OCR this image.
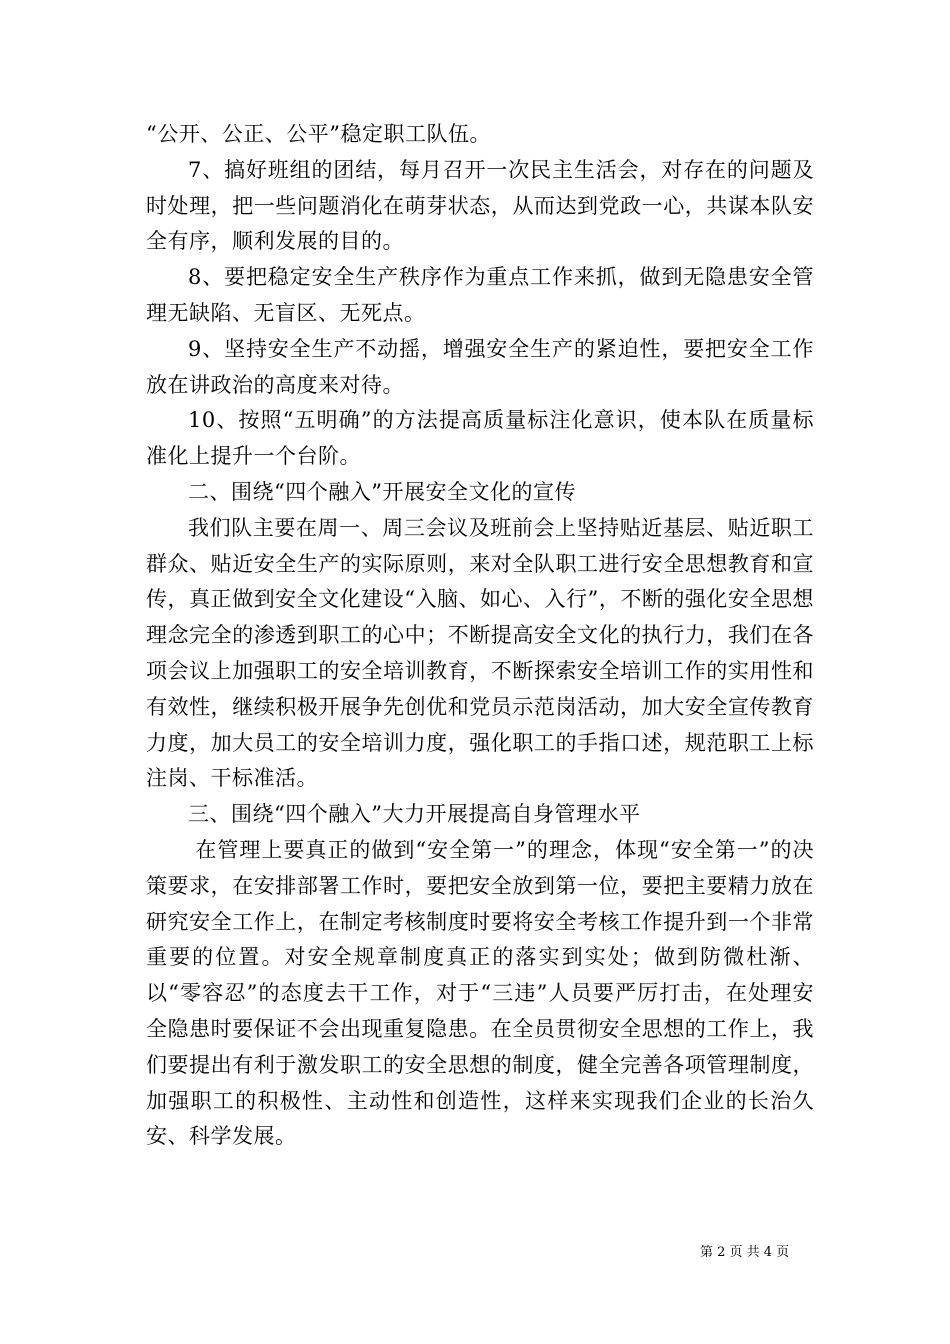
“公开、公正、公平”稳定职工队伍。

7、搞好班组的团结，每月召开一次民主生活会，对存在的问题及时处理，把一些问题消化在萌芽状态，从而达到党政一心，共谋本队安全有序，顺利发展的目的。

8、要把稳定安全生产秩序作为重点工作来抓，做到无隐患安全管理无缺陷、无盲区、无死点。

9、坚持安全生产不动摇，增强安全生产的紧迫性，要把安全工作放在讲政治的高度来对待。

10、按照“五明确”的方法提高质量标注化意识，使本队在质量标准化上提升一个台阶。

二、围绕“四个融入”开展安全文化的宣传

我们队主要在周一、周三会议及班前会上坚持贴近基层、贴近职工群众、贴近安全生产的实际原则，来对全队职工进行安全思想教育和宣传，真正做到安全文化建设“入脑、如心、入行”，不断的强化安全思想理念完全的渗透到职工的心中；不断提高安全文化的执行力，我们在各项会议上加强职工的安全培训教育，不断探索安全培训工作的实用性和有效性，继续积极开展争先创优和党员示范岗活动，加大安全宣传教育力度，加大员工的安全培训力度，强化职工的手指口述，规范职工上标注岗、干标准活。

三、围绕“四个融入”大力开展提高自身管理水平

在管理上要真正的做到“安全第一”的理念，体现“安全第一”的决策要求，在安排部署工作时，要把安全放到第一位，要把主要精力放在研究安全工作上，在制定考核制度时要将安全考核工作提升到一个非常重要的位置。对安全规章制度真正的落实到实处；做到防微杜渐、以“零容忍”的态度去干工作，对于“三违”人员要严厉打击，在处理安全隐患时要保证不会出现重复隐患。在全员贯彻安全思想的工作上，我们要提出有利于激发职工的安全思想的制度，健全完善各项管理制度，加强职工的积极性、主动性和创造性，这样来实现我们企业的长治久安、科学发展。

第 2 页 共 4 页
